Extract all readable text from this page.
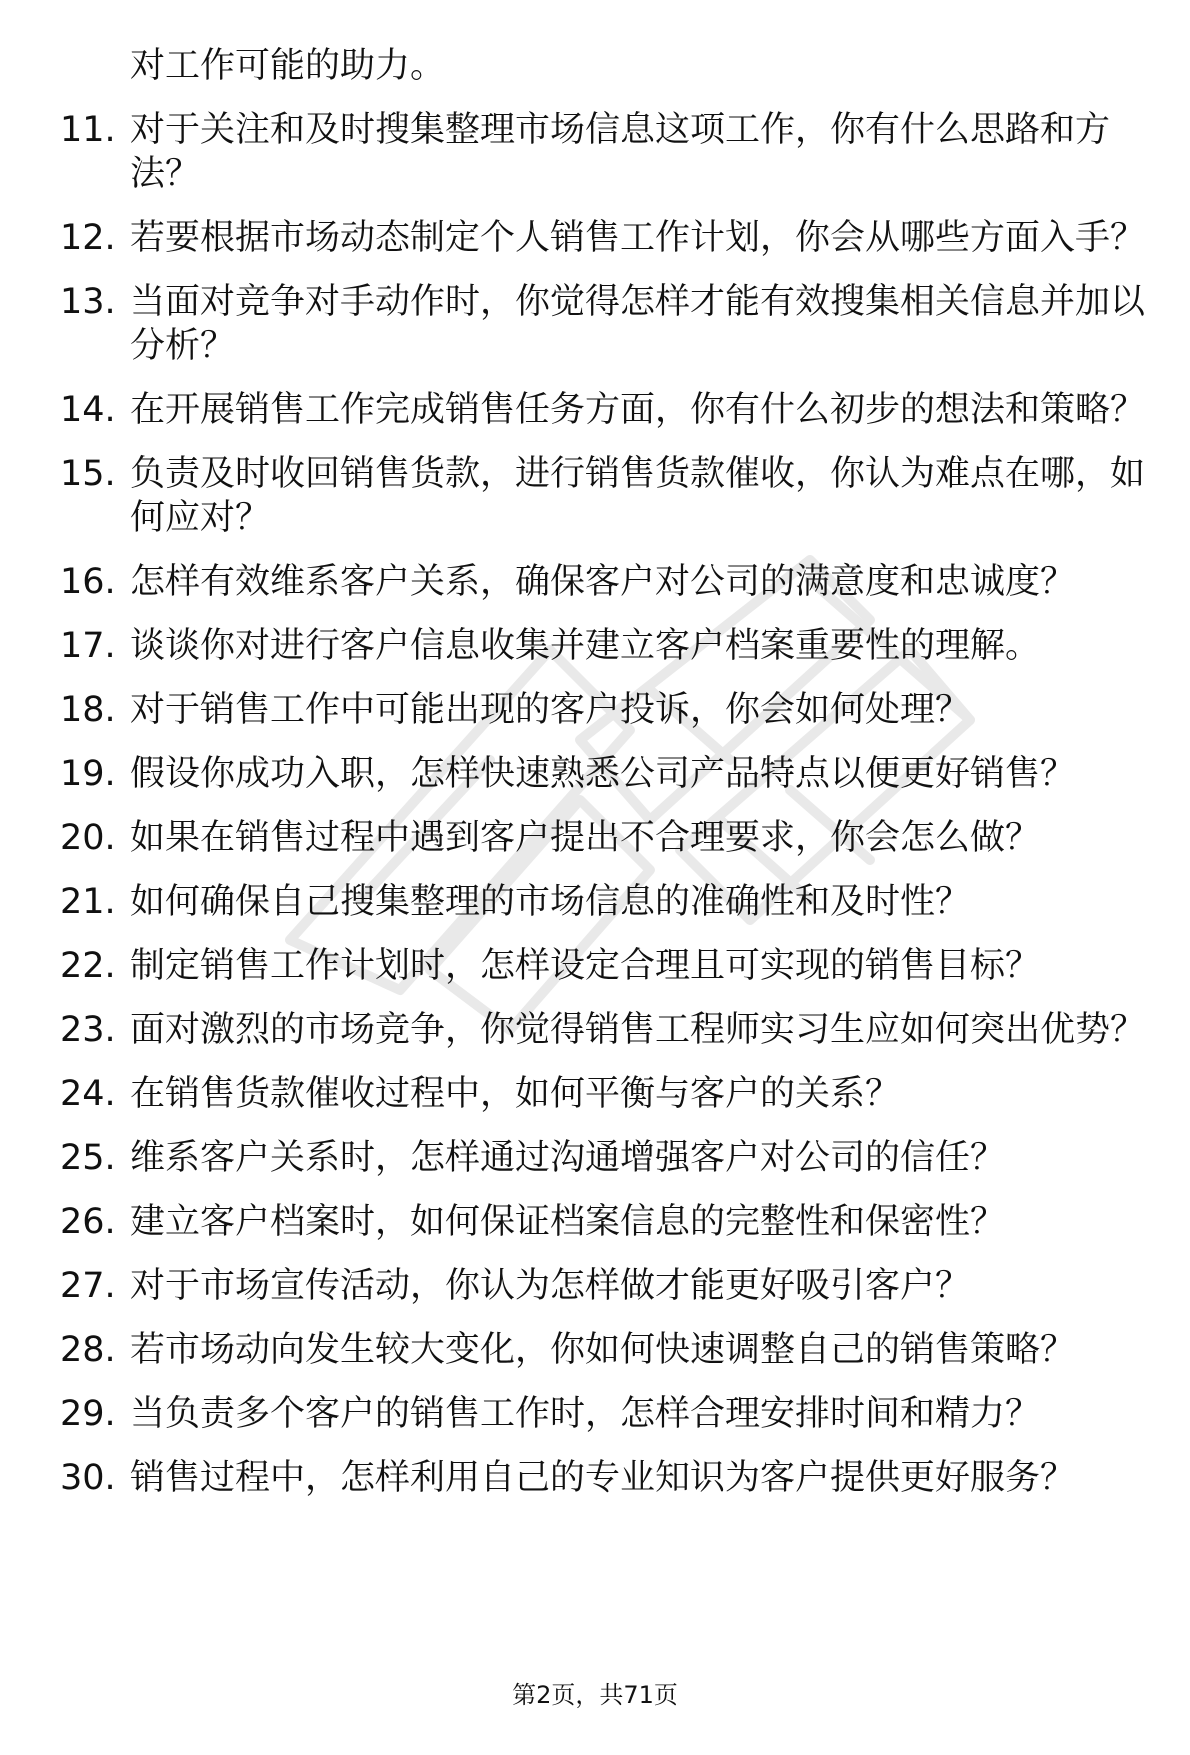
对工作可能的助力。
11. 对于关注和及时搜集整理市场信息这项工作，你有什么思路和方法？
12. 若要根据市场动态制定个人销售工作计划，你会从哪些方面入手？
13. 当面对竞争对手动作时，你觉得怎样才能有效搜集相关信息并加以分析？
14. 在开展销售工作完成销售任务方面，你有什么初步的想法和策略？
15. 负责及时收回销售货款，进行销售货款催收，你认为难点在哪，如何应对？
16. 怎样有效维系客户关系，确保客户对公司的满意度和忠诚度？
17. 谈谈你对进行客户信息收集并建立客户档案重要性的理解。
18. 对于销售工作中可能出现的客户投诉，你会如何处理？
19. 假设你成功入职，怎样快速熟悉公司产品特点以便更好销售？
20. 如果在销售过程中遇到客户提出不合理要求，你会怎么做？
21. 如何确保自己搜集整理的市场信息的准确性和及时性？
22. 制定销售工作计划时，怎样设定合理且可实现的销售目标？
23. 面对激烈的市场竞争，你觉得销售工程师实习生应如何突出优势？
24. 在销售货款催收过程中，如何平衡与客户的关系？
25. 维系客户关系时，怎样通过沟通增强客户对公司的信任？
26. 建立客户档案时，如何保证档案信息的完整性和保密性？
27. 对于市场宣传活动，你认为怎样做才能更好吸引客户？
28. 若市场动向发生较大变化，你如何快速调整自己的销售策略？
29. 当负责多个客户的销售工作时，怎样合理安排时间和精力？
30. 销售过程中，怎样利用自己的专业知识为客户提供更好服务？
第2页，共71页
